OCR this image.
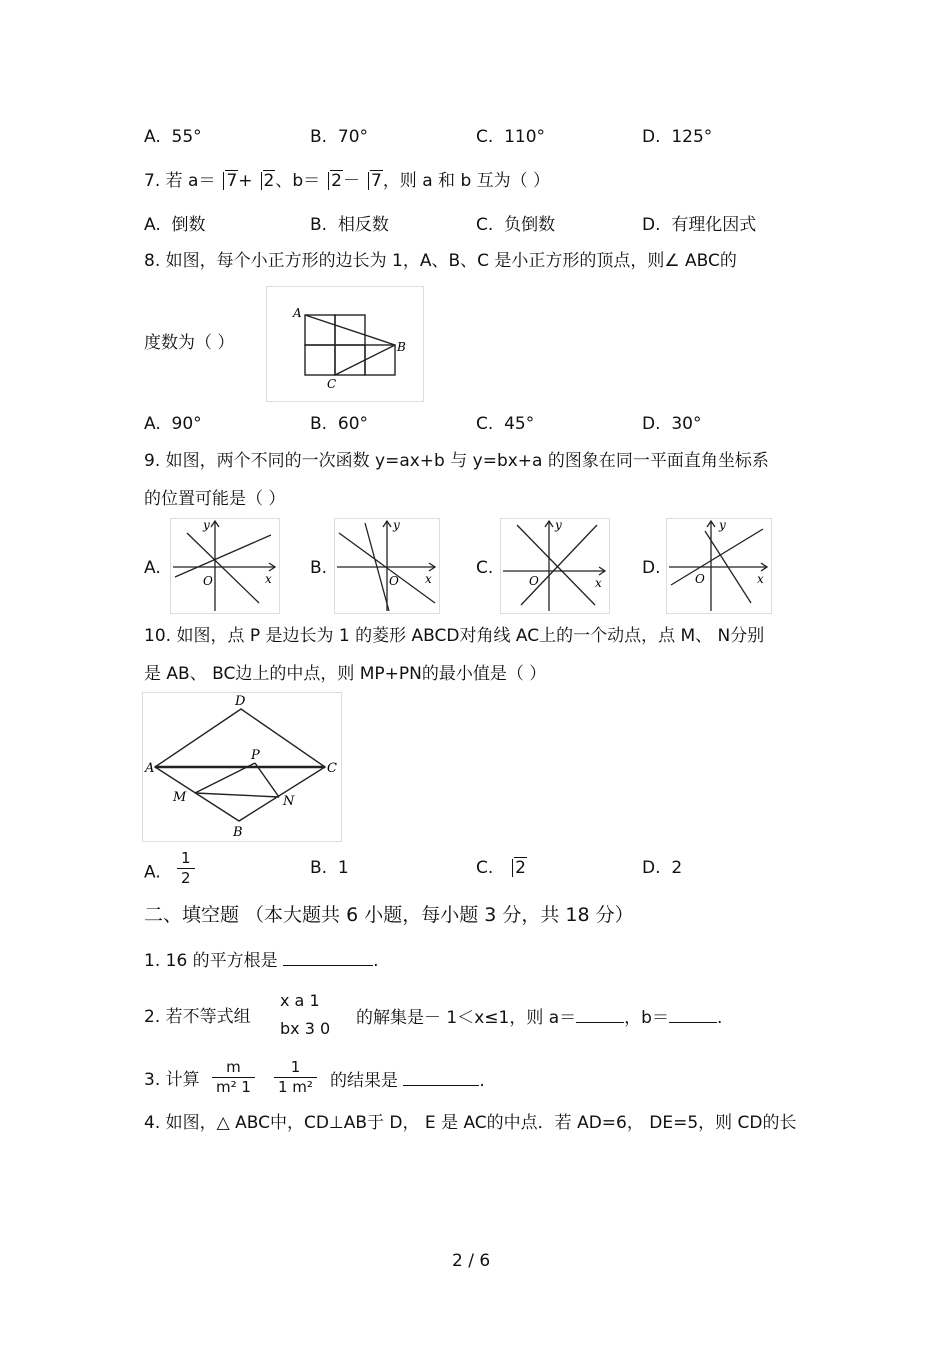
A. 55°	B. 70°	C. 110°	D. 125°
7. 若 a＝ 7+ 2、b＝ 2－ 7，则 a 和 b 互为（ ）
A. 倒数	B. 相反数	C. 负倒数	D. 有理化因式
8. 如图，每个小正方形的边长为 1，A、B、C 是小正方形的顶点，则∠ ABC的
度数为（ ）
A
B
C
A. 90°	B. 60°	C. 45°	D. 30°
9. 如图，两个不同的一次函数 y=ax+b 与 y=bx+a 的图象在同一平面直角坐标系
的位置可能是（ ）
A.
O	x
y
B.
O x
y
C.
O	x
y
D.
O	x
y
10. 如图，点 P 是边长为 1 的菱形 ABCD对角线 AC上的一个动点，点 M、 N分别
是 AB、 BC边上的中点，则 MP+PN的最小值是（ ）
A
D
C
B
P
M	N
A. $\frac{1}{2}$	B. 1	C. 2	D. 2
二、填空题 （本大题共 6 小题，每小题 3 分，共 18 分）
1. 16 的平方根是	.
2. 若不等式组
x a 1
bx 3 0
的解集是－ 1＜x≤1，则 a＝	，b＝	.
3. 计算 $\frac{m}{\text{m² 1}} \frac{1}{\text{1 m²}}$ 的结果是	.
4. 如图，△ ABC中，CD⊥AB于 D， E 是 AC的中点．若 AD=6， DE=5，则 CD的长
2 / 6
